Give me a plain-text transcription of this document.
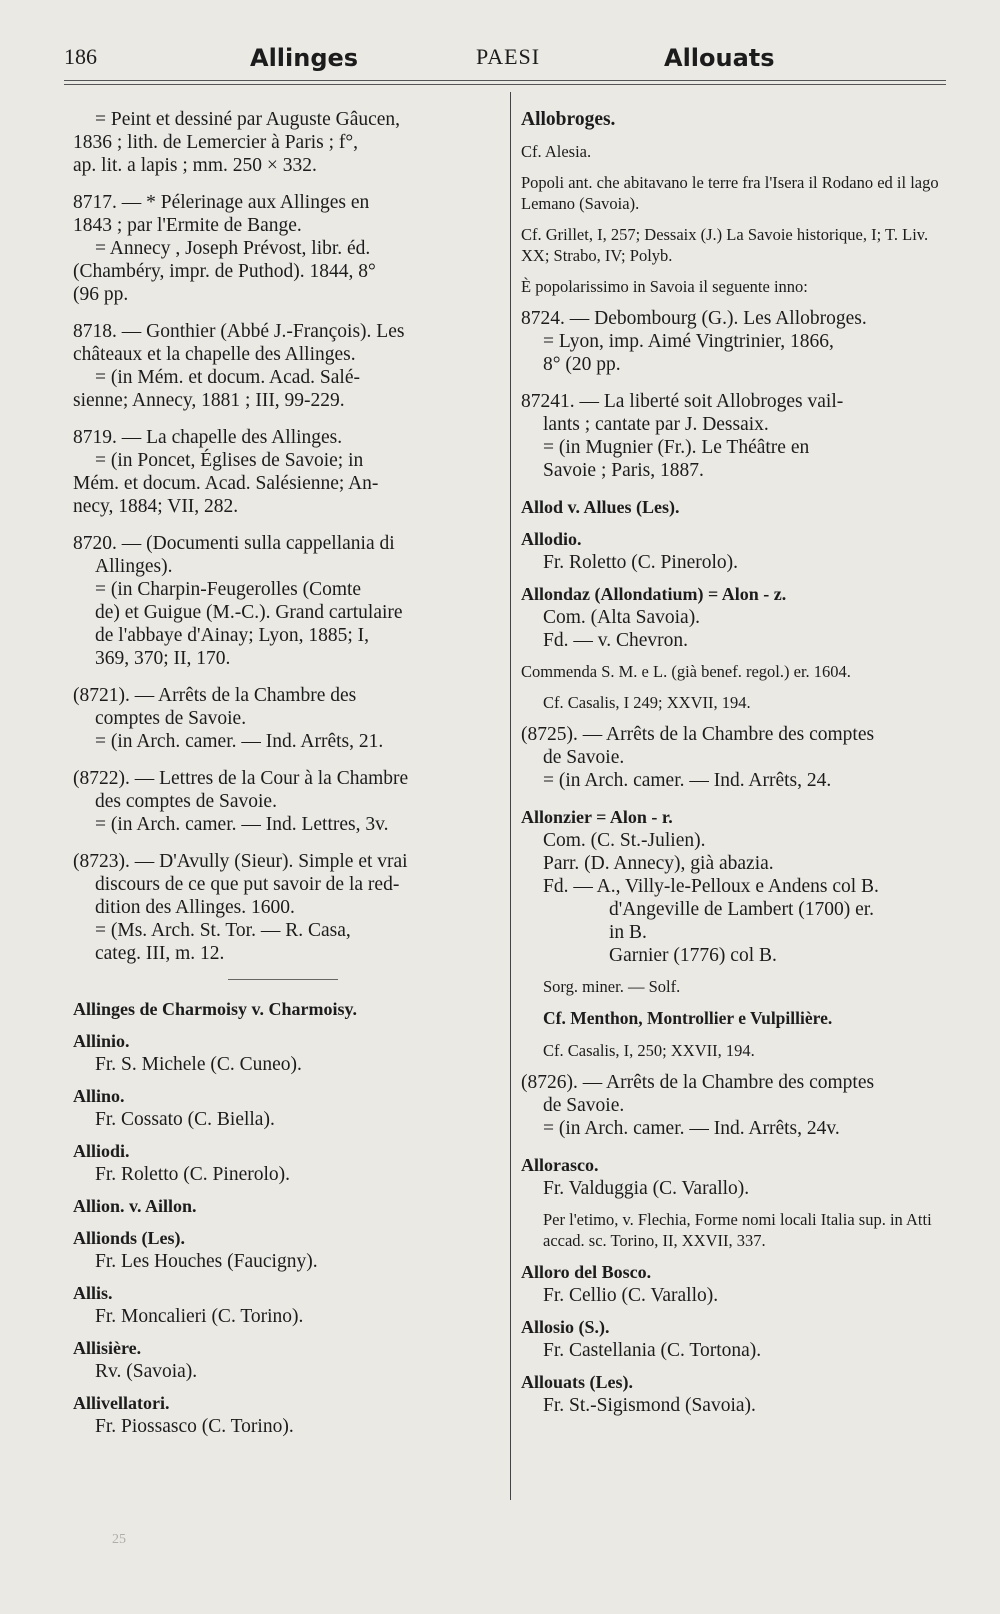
186	Allinges	PAESI	Allouats
= Peint et dessiné par Auguste Gâucen,
1836 ; lith. de Lemercier à Paris ; f°,
ap. lit. a lapis ; mm. 250 × 332.
8717. — * Pélerinage aux Allinges en
1843 ; par l'Ermite de Bange.

= Annecy , Joseph Prévost, libr. éd.
(Chambéry, impr. de Puthod). 1844, 8°
(96 pp.
8718. — Gonthier (Abbé J.-François). Les
châteaux et la chapelle des Allinges.

= (in Mém. et docum. Acad. Salé-
sienne; Annecy, 1881 ; III, 99-229.
8719. — La chapelle des Allinges.

= (in Poncet, Églises de Savoie; in
Mém. et docum. Acad. Salésienne; An-
necy, 1884; VII, 282.
8720. — (Documenti sulla cappellania di

Allinges).
= (in Charpin-Feugerolles (Comte
de) et Guigue (M.-C.). Grand cartulaire
de l'abbaye d'Ainay; Lyon, 1885; I,
369, 370; II, 170.
(8721). — Arrêts de la Chambre des

comptes de Savoie.
= (in Arch. camer. — Ind. Arrêts, 21.
(8722). — Lettres de la Cour à la Chambre

des comptes de Savoie.
= (in Arch. camer. — Ind. Lettres, 3v.
(8723). — D'Avully (Sieur). Simple et vrai

discours de ce que put savoir de la red-
dition des Allinges. 1600.
= (Ms. Arch. St. Tor. — R. Casa,
categ. III, m. 12.
Allinges de Charmoisy v. Charmoisy.
Allinio.
Fr. S. Michele (C. Cuneo).
Allino.
Fr. Cossato (C. Biella).
Alliodi.
Fr. Roletto (C. Pinerolo).
Allion. v. Aillon.
Allionds (Les).
Fr. Les Houches (Faucigny).
Allis.
Fr. Moncalieri (C. Torino).
Allisière.
Rv. (Savoia).
Allivellatori.
Fr. Piossasco (C. Torino).
Allobroges.
Cf. Alesia.
Popoli ant. che abitavano le terre fra l'Isera il Rodano ed il lago Lemano (Savoia).
Cf. Grillet, I, 257; Dessaix (J.) La Savoie historique, I; T. Liv. XX; Strabo, IV; Polyb.
È popolarissimo in Savoia il seguente inno:
8724. — Debombourg (G.). Les Allobroges.

= Lyon, imp. Aimé Vingtrinier, 1866,
8° (20 pp.
87241. — La liberté soit Allobroges vail-

lants ; cantate par J. Dessaix.
= (in Mugnier (Fr.). Le Théâtre en
Savoie ; Paris, 1887.
Allod v. Allues (Les).
Allodio.
Fr. Roletto (C. Pinerolo).
Allondaz (Allondatium) = Alon - z.
Com. (Alta Savoia).
Fd. — v. Chevron.
Commenda S. M. e L. (già benef. regol.) er. 1604.
Cf. Casalis, I 249; XXVII, 194.
(8725). — Arrêts de la Chambre des comptes

de Savoie.
= (in Arch. camer. — Ind. Arrêts, 24.
Allonzier = Alon - r.
Com. (C. St.-Julien).
Parr. (D. Annecy), già abazia.
Fd. — A., Villy-le-Pelloux e Andens col B.
d'Angeville de Lambert (1700) er.
in B.
Garnier (1776) col B.
Sorg. miner. — Solf.
Cf. Menthon, Montrollier e Vulpillière.
Cf. Casalis, I, 250; XXVII, 194.
(8726). — Arrêts de la Chambre des comptes

de Savoie.
= (in Arch. camer. — Ind. Arrêts, 24v.
Allorasco.
Fr. Valduggia (C. Varallo).
Per l'etimo, v. Flechia, Forme nomi locali Italia sup. in Atti accad. sc. Torino, II, XXVII, 337.
Alloro del Bosco.
Fr. Cellio (C. Varallo).
Allosio (S.).
Fr. Castellania (C. Tortona).
Allouats (Les).
Fr. St.-Sigismond (Savoia).
25
